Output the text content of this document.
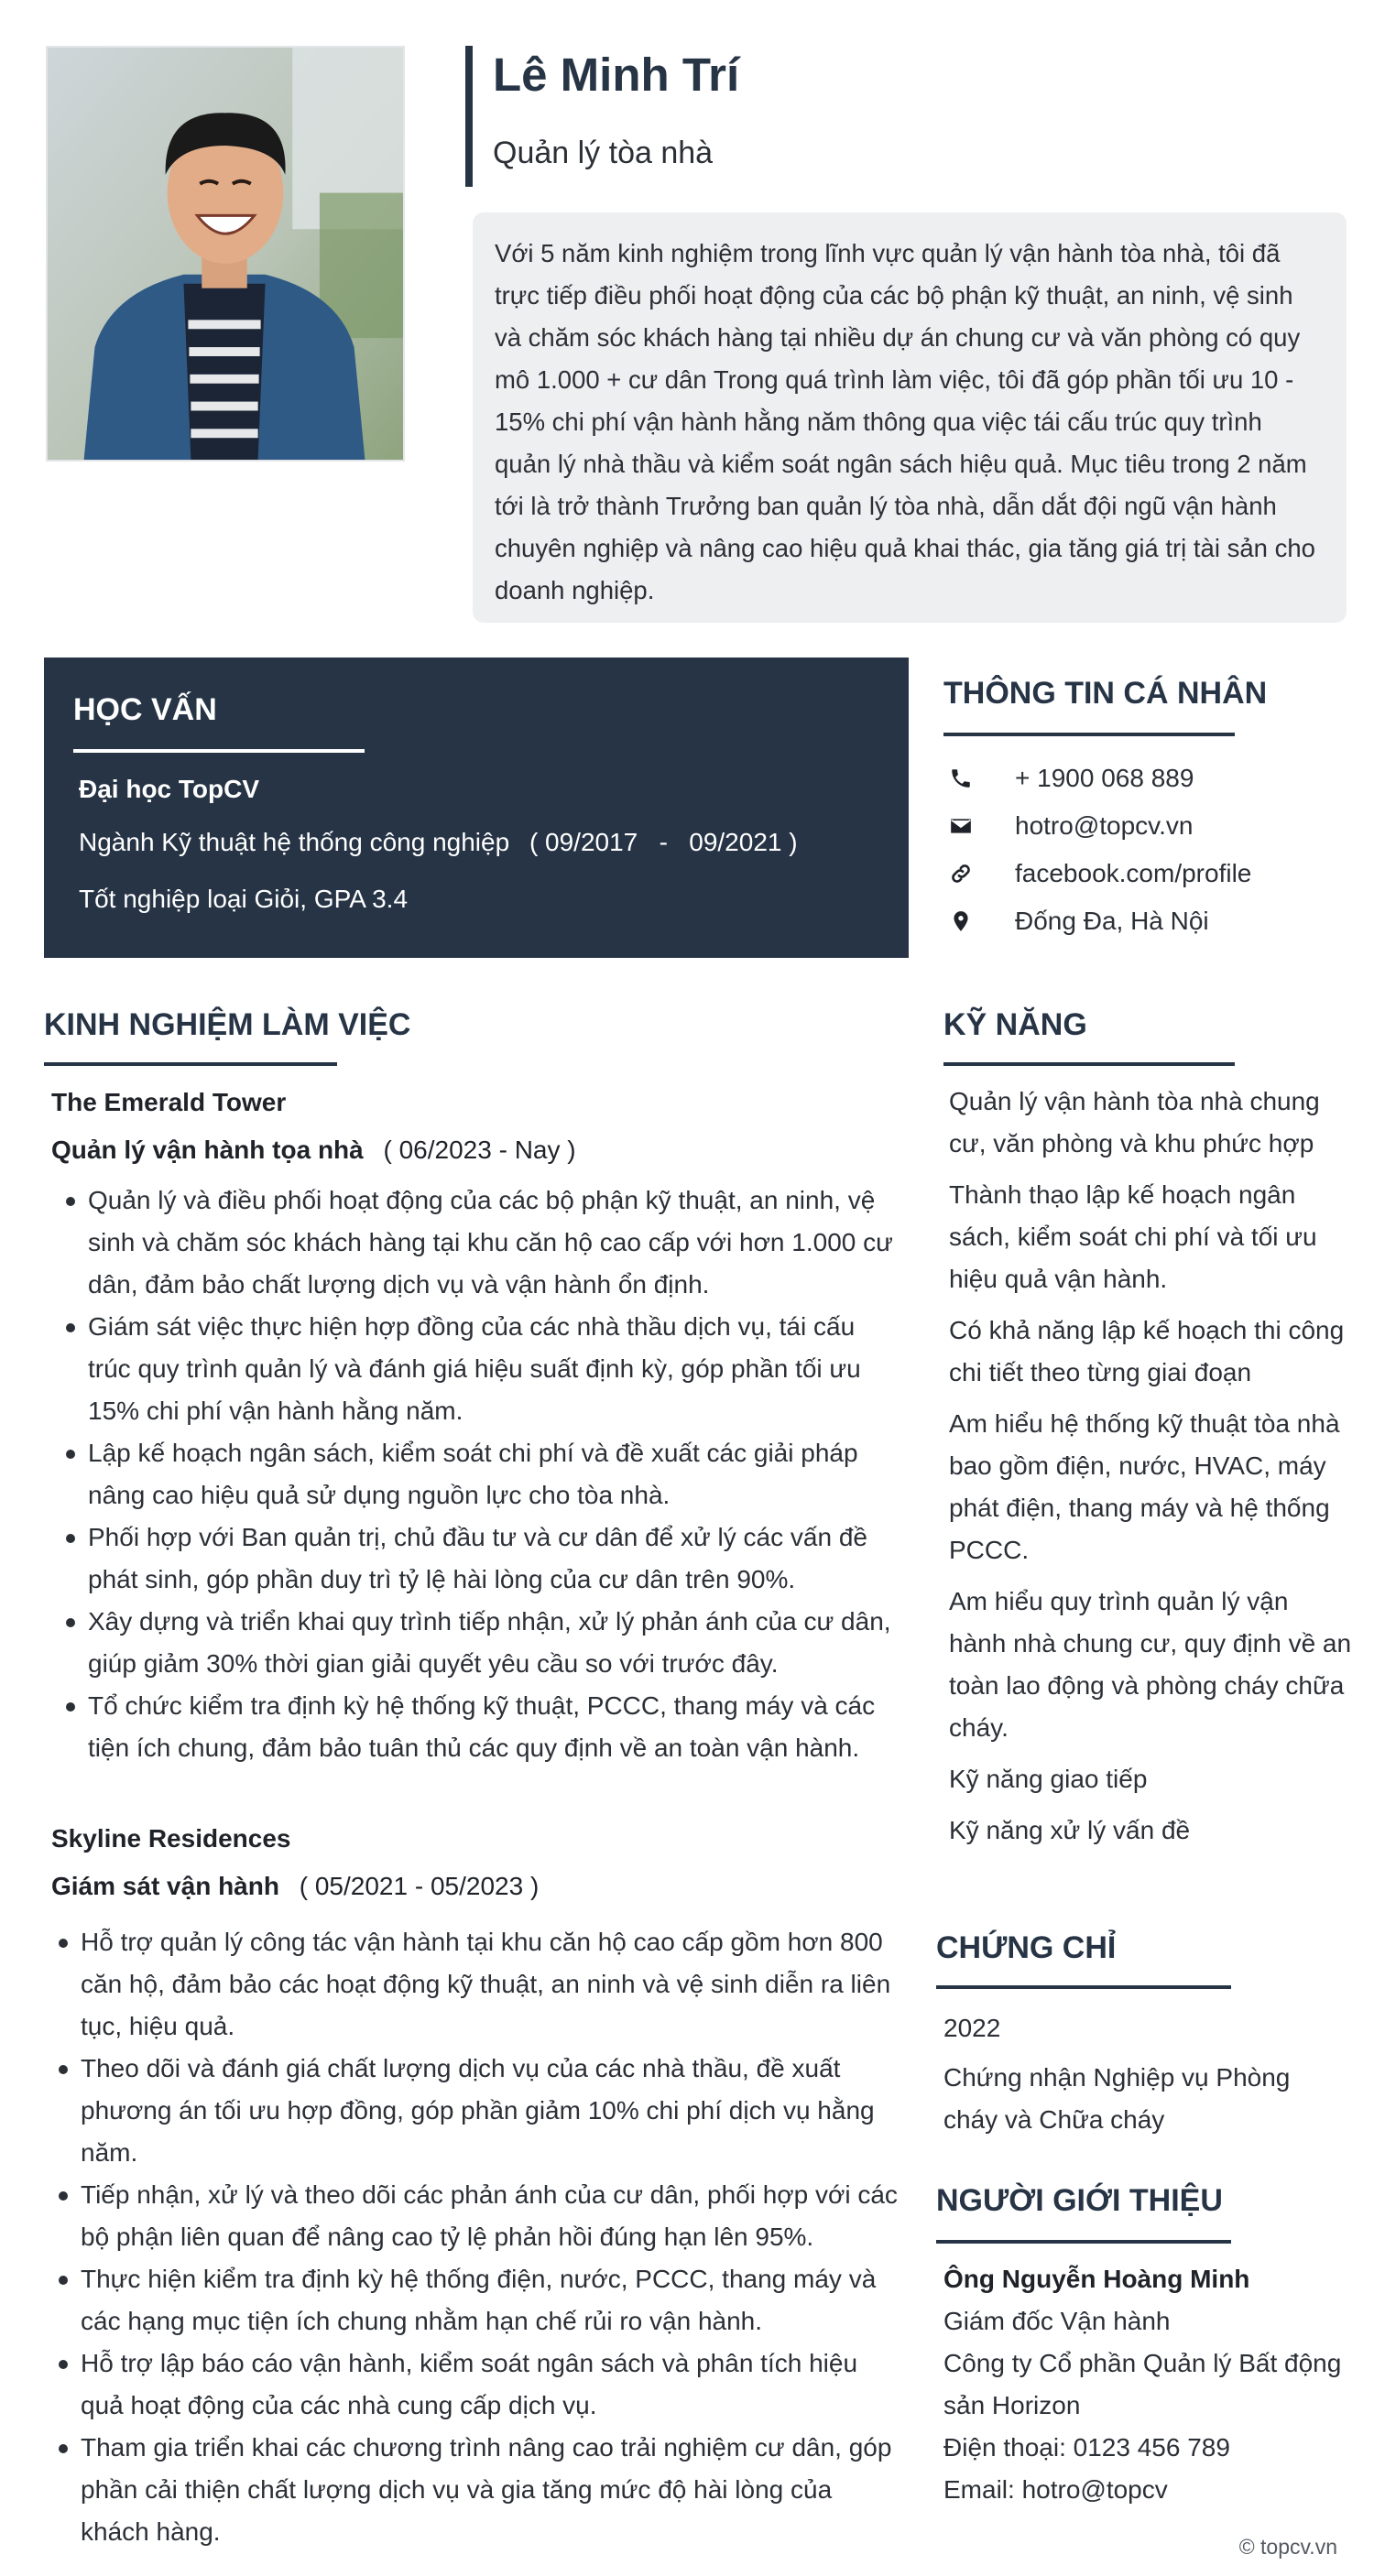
Lê Minh Trí
Quản lý tòa nhà
Với 5 năm kinh nghiệm trong lĩnh vực quản lý vận hành tòa nhà, tôi đã trực tiếp điều phối hoạt động của các bộ phận kỹ thuật, an ninh, vệ sinh và chăm sóc khách hàng tại nhiều dự án chung cư và văn phòng có quy mô 1.000 + cư dân Trong quá trình làm việc, tôi đã góp phần tối ưu 10 - 15% chi phí vận hành hằng năm thông qua việc tái cấu trúc quy trình quản lý nhà thầu và kiểm soát ngân sách hiệu quả. Mục tiêu trong 2 năm tới là trở thành Trưởng ban quản lý tòa nhà, dẫn dắt đội ngũ vận hành chuyên nghiệp và nâng cao hiệu quả khai thác, gia tăng giá trị tài sản cho doanh nghiệp.
HỌC VẤN
Đại học TopCV
Ngành Kỹ thuật hệ thống công nghiệp ( 09/2017   -   09/2021 )
Tốt nghiệp loại Giỏi, GPA 3.4
THÔNG TIN CÁ NHÂN
+ 1900 068 889
hotro@topcv.vn
facebook.com/profile
Đống Đa, Hà Nội
KINH NGHIỆM LÀM VIỆC
The Emerald Tower
Quản lý vận hành tọa nhà ( 06/2023 - Nay )
Quản lý và điều phối hoạt động của các bộ phận kỹ thuật, an ninh, vệ sinh và chăm sóc khách hàng tại khu căn hộ cao cấp với hơn 1.000 cư dân, đảm bảo chất lượng dịch vụ và vận hành ổn định.
Giám sát việc thực hiện hợp đồng của các nhà thầu dịch vụ, tái cấu trúc quy trình quản lý và đánh giá hiệu suất định kỳ, góp phần tối ưu 15% chi phí vận hành hằng năm.
Lập kế hoạch ngân sách, kiểm soát chi phí và đề xuất các giải pháp nâng cao hiệu quả sử dụng nguồn lực cho tòa nhà.
Phối hợp với Ban quản trị, chủ đầu tư và cư dân để xử lý các vấn đề phát sinh, góp phần duy trì tỷ lệ hài lòng của cư dân trên 90%.
Xây dựng và triển khai quy trình tiếp nhận, xử lý phản ánh của cư dân, giúp giảm 30% thời gian giải quyết yêu cầu so với trước đây.
Tổ chức kiểm tra định kỳ hệ thống kỹ thuật, PCCC, thang máy và các tiện ích chung, đảm bảo tuân thủ các quy định về an toàn vận hành.
Skyline Residences
Giám sát vận hành ( 05/2021 - 05/2023 )
Hỗ trợ quản lý công tác vận hành tại khu căn hộ cao cấp gồm hơn 800 căn hộ, đảm bảo các hoạt động kỹ thuật, an ninh và vệ sinh diễn ra liên tục, hiệu quả.
Theo dõi và đánh giá chất lượng dịch vụ của các nhà thầu, đề xuất phương án tối ưu hợp đồng, góp phần giảm 10% chi phí dịch vụ hằng năm.
Tiếp nhận, xử lý và theo dõi các phản ánh của cư dân, phối hợp với các bộ phận liên quan để nâng cao tỷ lệ phản hồi đúng hạn lên 95%.
Thực hiện kiểm tra định kỳ hệ thống điện, nước, PCCC, thang máy và các hạng mục tiện ích chung nhằm hạn chế rủi ro vận hành.
Hỗ trợ lập báo cáo vận hành, kiểm soát ngân sách và phân tích hiệu quả hoạt động của các nhà cung cấp dịch vụ.
Tham gia triển khai các chương trình nâng cao trải nghiệm cư dân, góp phần cải thiện chất lượng dịch vụ và gia tăng mức độ hài lòng của khách hàng.
KỸ NĂNG
Quản lý vận hành tòa nhà chung cư, văn phòng và khu phức hợp
Thành thạo lập kế hoạch ngân sách, kiểm soát chi phí và tối ưu hiệu quả vận hành.
Có khả năng lập kế hoạch thi công chi tiết theo từng giai đoạn
Am hiểu hệ thống kỹ thuật tòa nhà bao gồm điện, nước, HVAC, máy phát điện, thang máy và hệ thống PCCC.
Am hiểu quy trình quản lý vận hành nhà chung cư, quy định về an toàn lao động và phòng cháy chữa cháy.
Kỹ năng giao tiếp
Kỹ năng xử lý vấn đề
CHỨNG CHỈ
2022
Chứng nhận Nghiệp vụ Phòng cháy và Chữa cháy
NGƯỜI GIỚI THIỆU
Ông Nguyễn Hoàng Minh
Giám đốc Vận hành
Công ty Cổ phần Quản lý Bất động sản Horizon
Điện thoại: 0123 456 789
Email: hotro@topcv
© topcv.vn
